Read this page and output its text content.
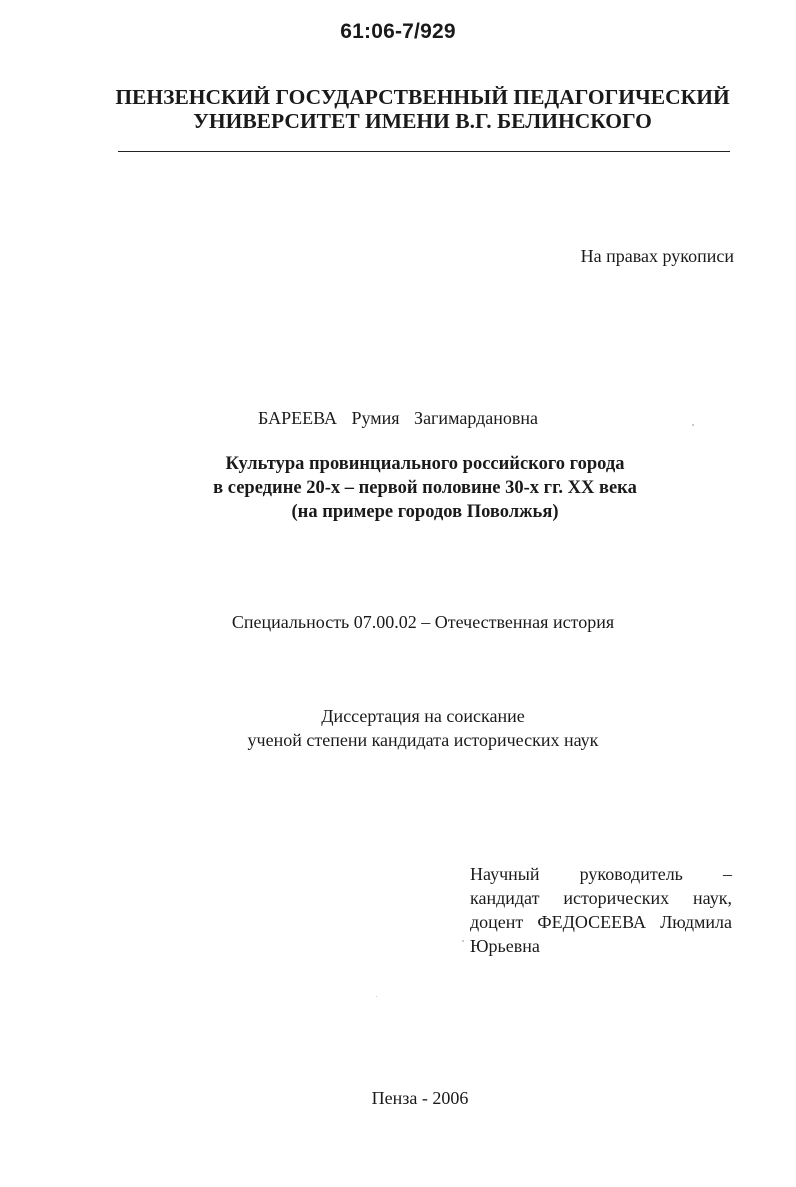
61:06-7/929
ПЕНЗЕНСКИЙ ГОСУДАРСТВЕННЫЙ ПЕДАГОГИЧЕСКИЙ
УНИВЕРСИТЕТ ИМЕНИ В.Г. БЕЛИНСКОГО
На правах рукописи
БАРЕЕВА Румия Загимардановна
Культура провинциального российского города
в середине 20-х – первой половине 30-х гг. XX века
(на примере городов Поволжья)
Специальность 07.00.02 – Отечественная история
Диссертация на соискание
ученой степени кандидата исторических наук
Научный руководитель –
кандидат исторических наук,
доцент ФЕДОСЕЕВА Людмила
Юрьевна
Пенза - 2006
